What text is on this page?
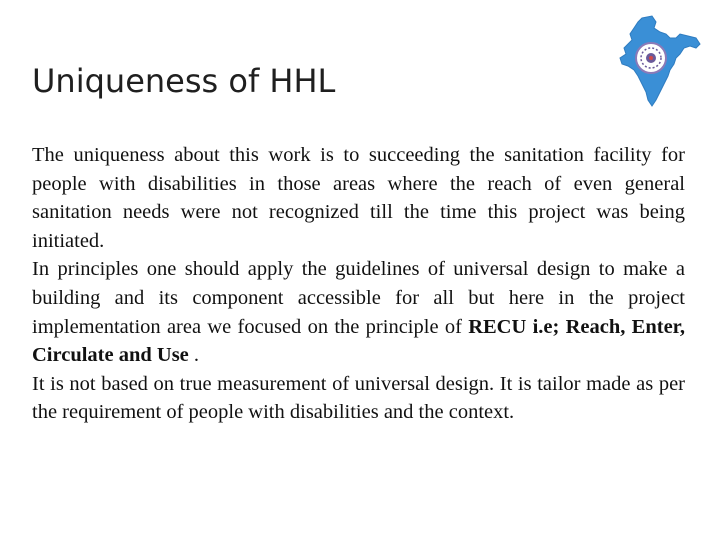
Uniqueness of HHL

The uniqueness about this work is to succeeding the sanitation facility for people with disabilities in those areas where the reach of even general sanitation needs were not recognized till the time this project was being initiated.

In principles one should apply the guidelines of universal design to make a building and its component accessible for all but here in the project implementation area we focused on the principle of RECU i.e; Reach, Enter, Circulate and Use .

It is not based on true measurement of universal design. It is tailor made as per the requirement of people with disabilities and the context.
